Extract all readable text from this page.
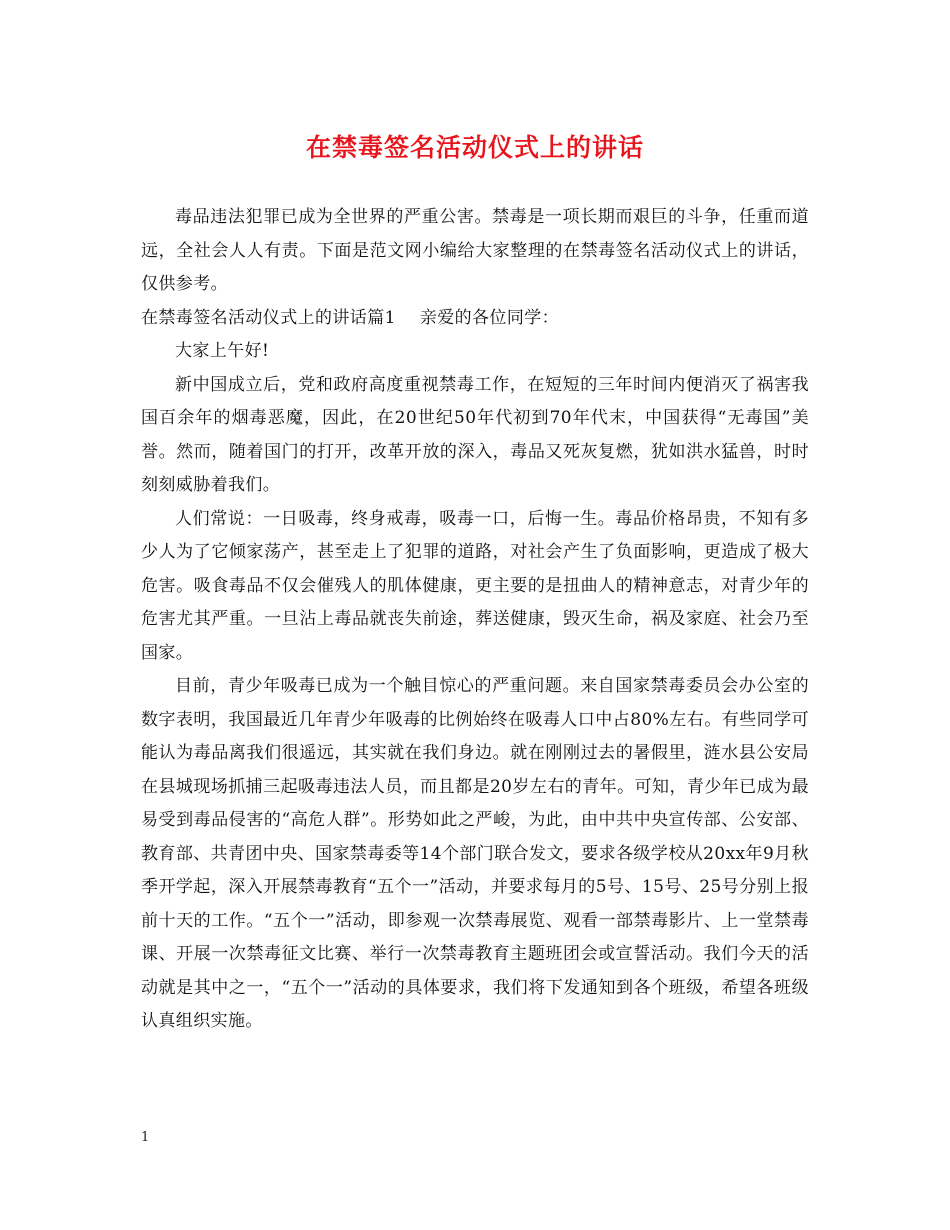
在禁毒签名活动仪式上的讲话

毒品违法犯罪已成为全世界的严重公害。禁毒是一项长期而艰巨的斗争，任重而道远，全社会人人有责。下面是范文网小编给大家整理的在禁毒签名活动仪式上的讲话，仅供参考。

在禁毒签名活动仪式上的讲话篇1 亲爱的各位同学：

大家上午好!

新中国成立后，党和政府高度重视禁毒工作，在短短的三年时间内便消灭了祸害我国百余年的烟毒恶魔，因此，在20世纪50年代初到70年代末，中国获得“无毒国”美誉。然而，随着国门的打开，改革开放的深入，毒品又死灰复燃，犹如洪水猛兽，时时刻刻威胁着我们。

人们常说：一日吸毒，终身戒毒，吸毒一口，后悔一生。毒品价格昂贵，不知有多少人为了它倾家荡产，甚至走上了犯罪的道路，对社会产生了负面影响，更造成了极大危害。吸食毒品不仅会催残人的肌体健康，更主要的是扭曲人的精神意志，对青少年的危害尤其严重。一旦沾上毒品就丧失前途，葬送健康，毁灭生命，祸及家庭、社会乃至国家。

目前，青少年吸毒已成为一个触目惊心的严重问题。来自国家禁毒委员会办公室的数字表明，我国最近几年青少年吸毒的比例始终在吸毒人口中占80%左右。有些同学可能认为毒品离我们很遥远，其实就在我们身边。就在刚刚过去的暑假里，涟水县公安局在县城现场抓捕三起吸毒违法人员，而且都是20岁左右的青年。可知，青少年已成为最易受到毒品侵害的“高危人群”。形势如此之严峻，为此，由中共中央宣传部、公安部、教育部、共青团中央、国家禁毒委等14个部门联合发文，要求各级学校从20xx年9月秋季开学起，深入开展禁毒教育“五个一”活动，并要求每月的5号、15号、25号分别上报前十天的工作。“五个一”活动，即参观一次禁毒展览、观看一部禁毒影片、上一堂禁毒课、开展一次禁毒征文比赛、举行一次禁毒教育主题班团会或宣誓活动。我们今天的活动就是其中之一，“五个一”活动的具体要求，我们将下发通知到各个班级，希望各班级认真组织实施。

1
